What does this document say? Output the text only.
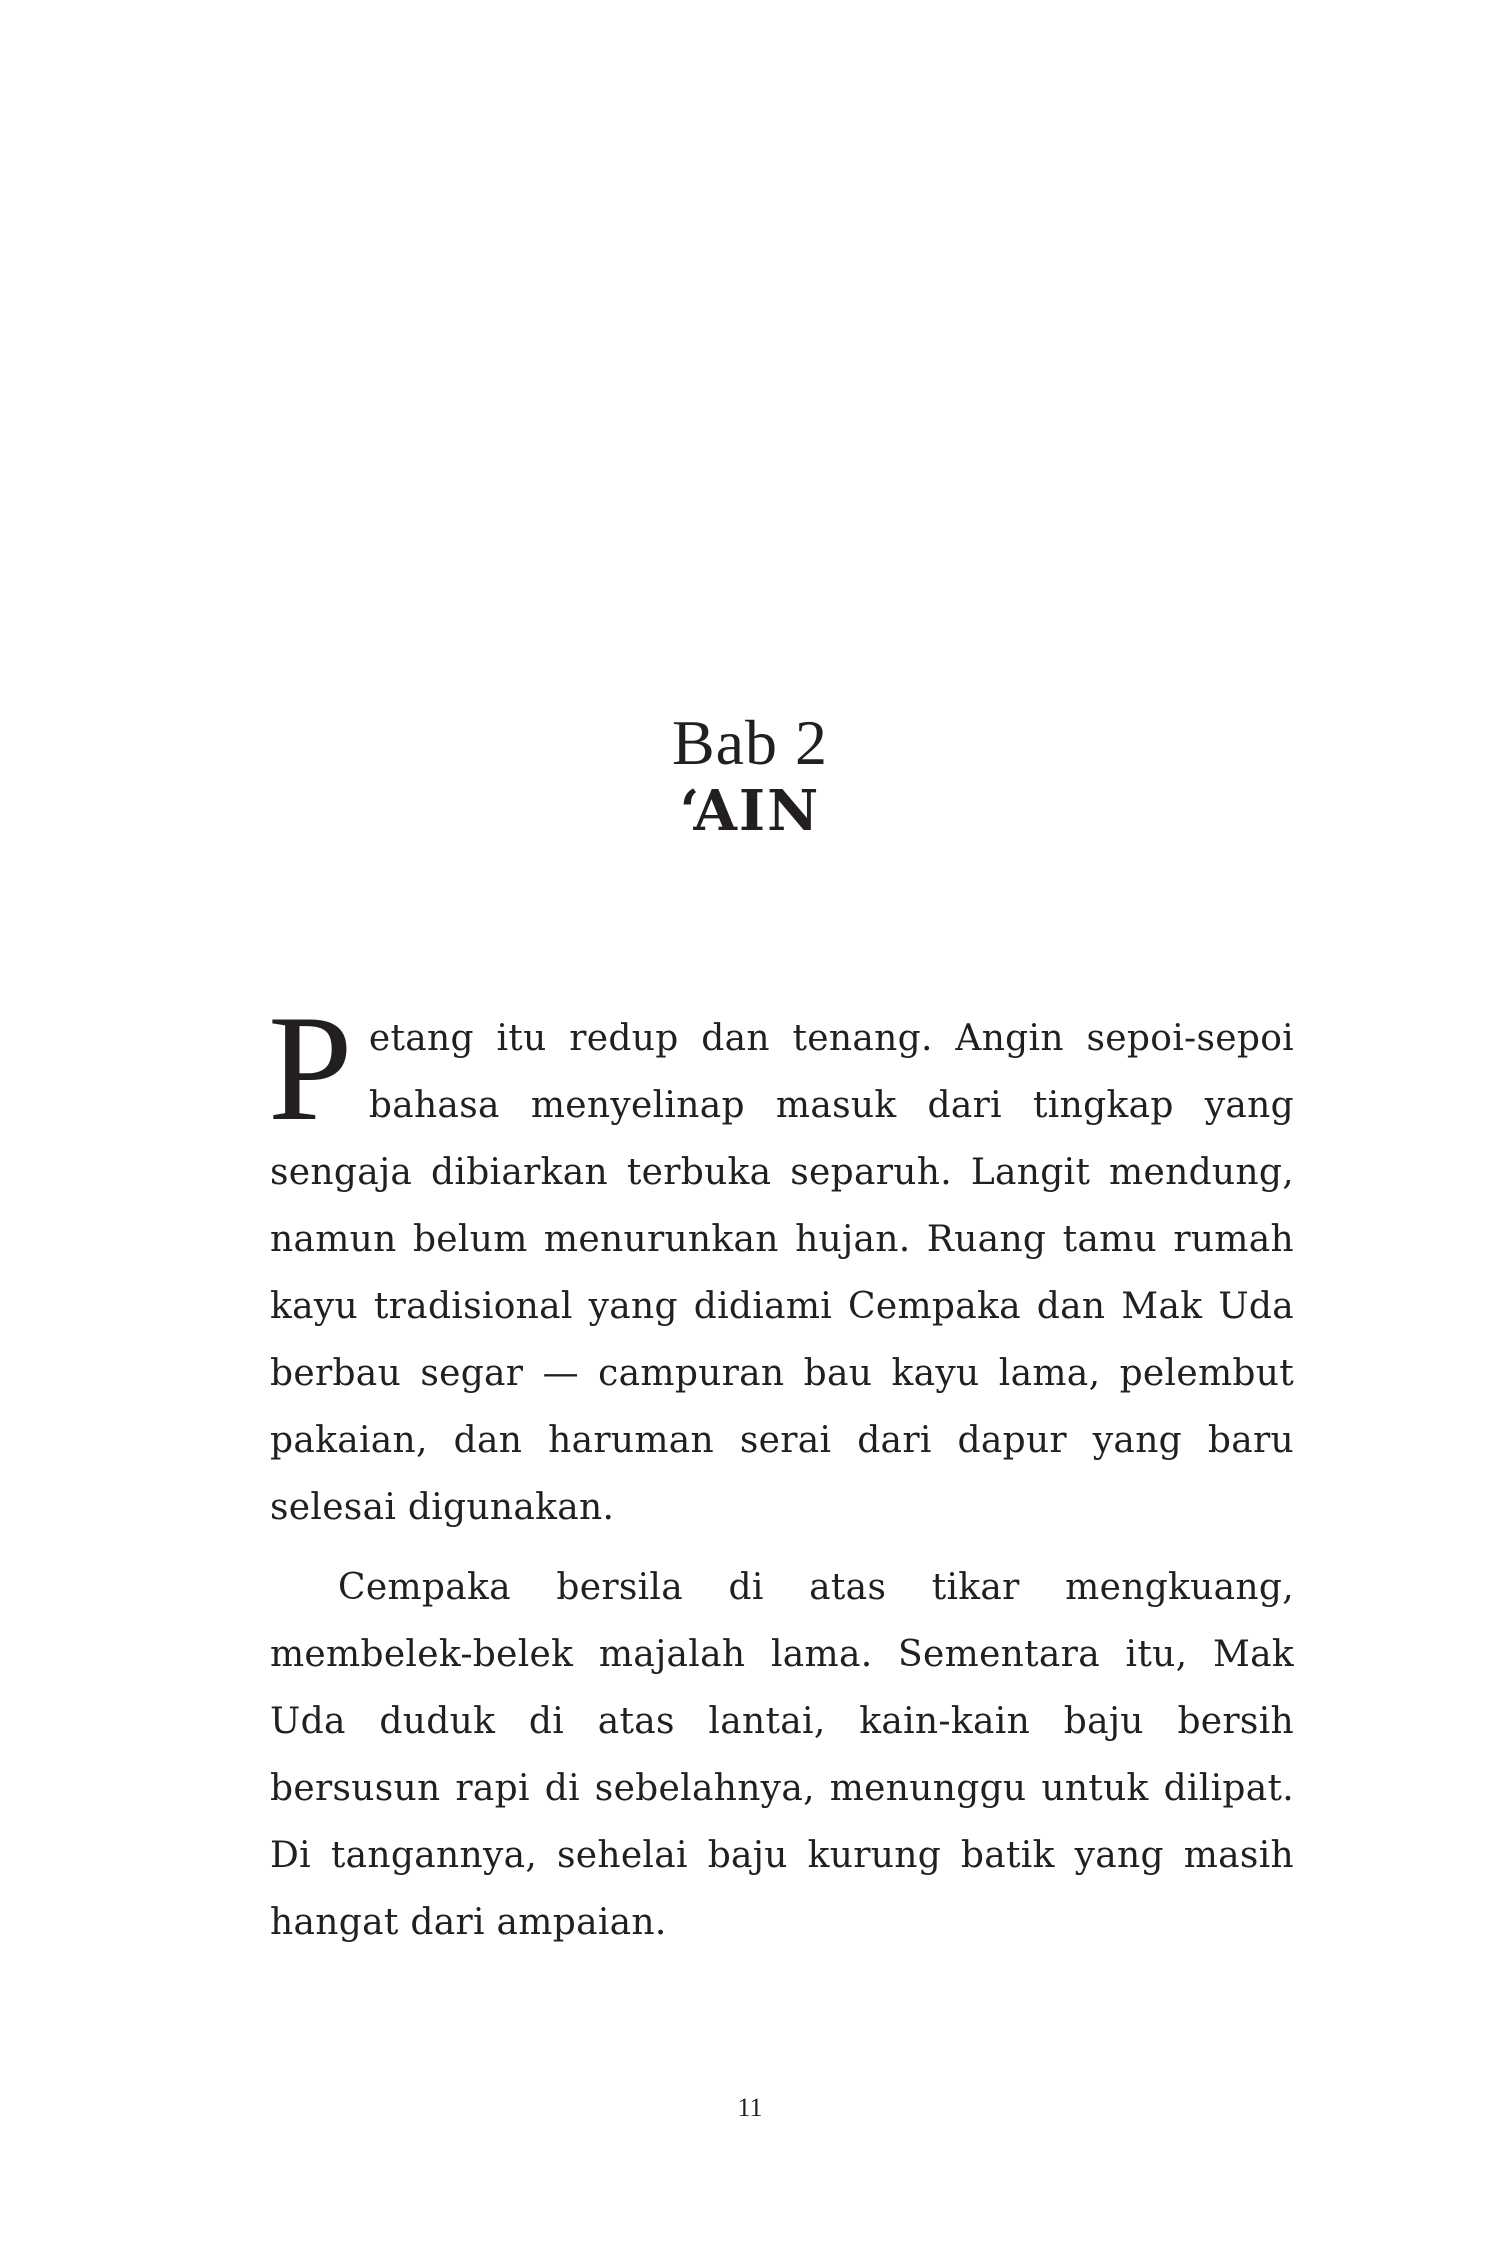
Bab 2
‘AIN

Petang itu redup dan tenang. Angin sepoi-sepoi bahasa menyelinap masuk dari tingkap yang sengaja dibiarkan terbuka separuh. Langit mendung, namun belum menurunkan hujan. Ruang tamu rumah kayu tradisional yang didiami Cempaka dan Mak Uda berbau segar — campuran bau kayu lama, pelembut pakaian, dan haruman serai dari dapur yang baru selesai digunakan.

Cempaka bersila di atas tikar mengkuang, membelek-belek majalah lama. Sementara itu, Mak Uda duduk di atas lantai, kain-kain baju bersih bersusun rapi di sebelahnya, menunggu untuk dilipat. Di tangannya, sehelai baju kurung batik yang masih hangat dari ampaian.

11
